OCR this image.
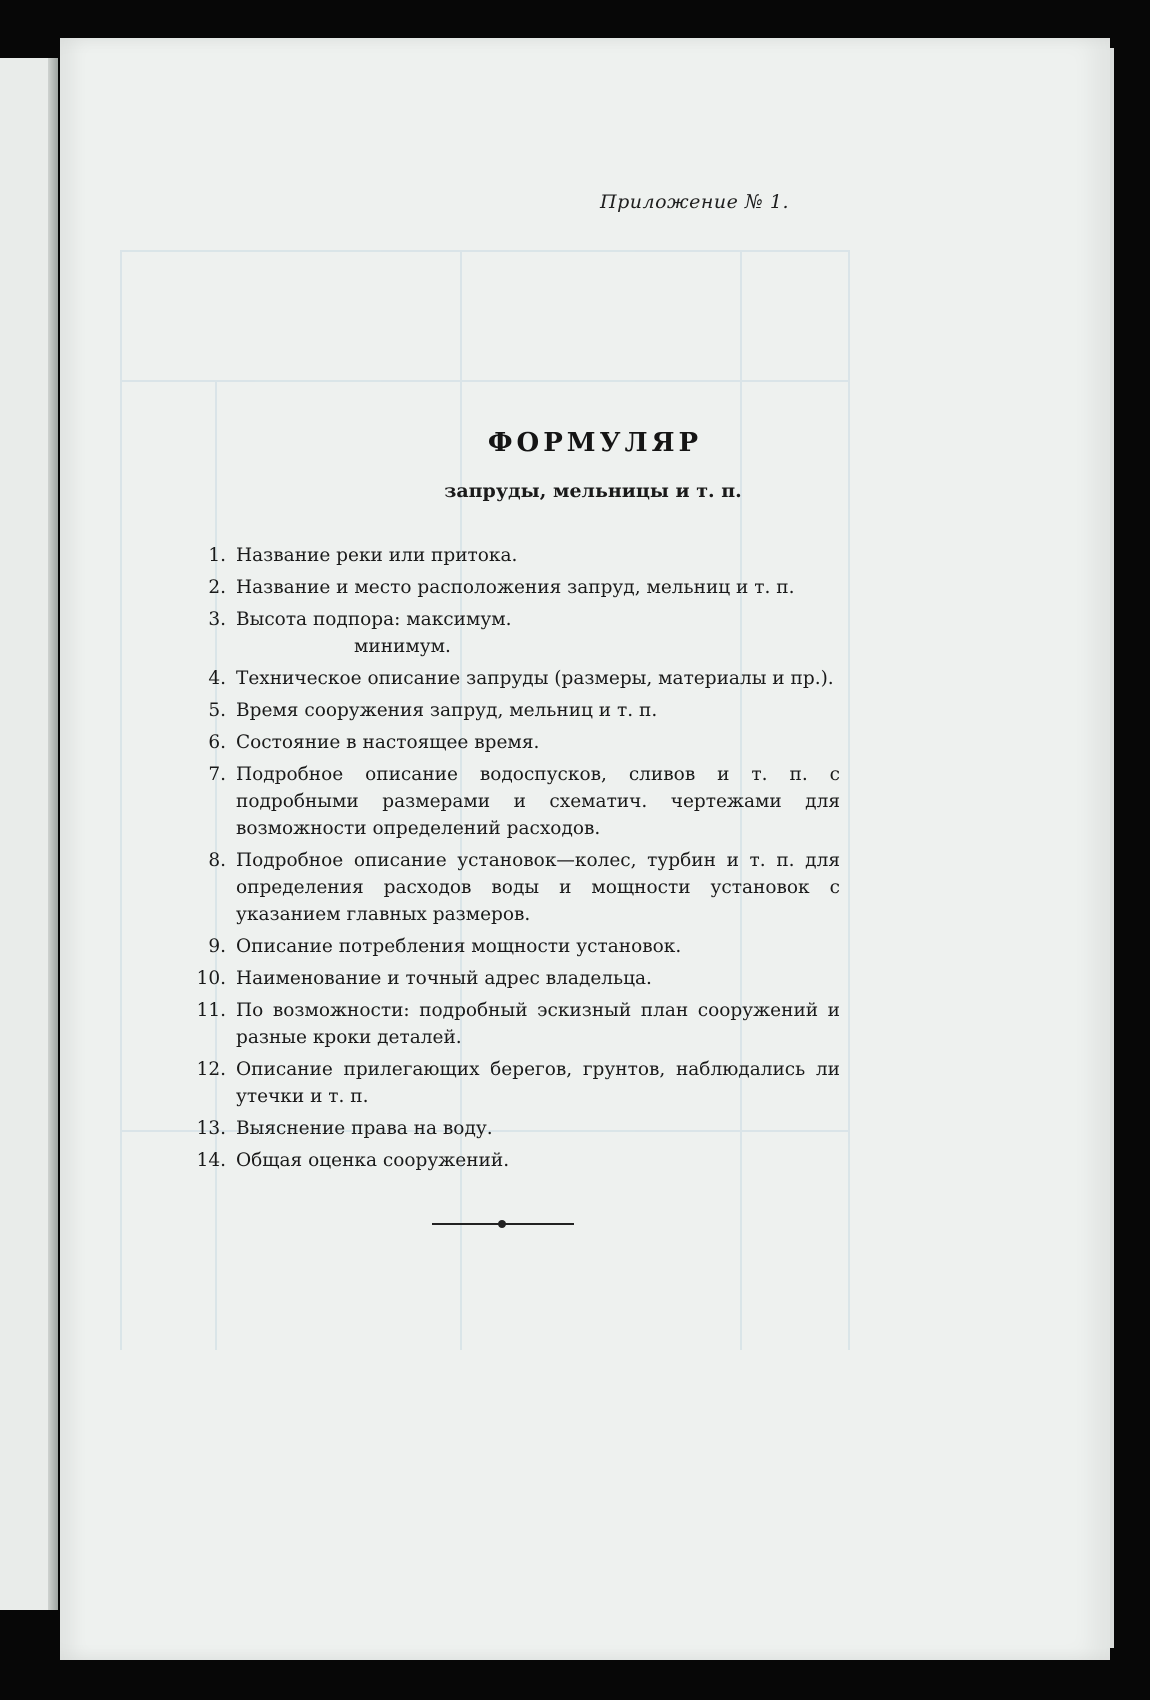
Приложение № 1.
ФОРМУЛЯР
запруды, мельницы и т. п.
1. Название реки или притока.
2. Название и место расположения запруд, мельниц и т. п.
3. Высота подпора: максимум.
минимум.
4. Техническое описание запруды (размеры, материалы и пр.).
5. Время сооружения запруд, мельниц и т. п.
6. Состояние в настоящее время.
7. Подробное описание водоспусков, сливов и т. п. с подробными размерами и схематич. чертежами для возможности определений расходов.
8. Подробное описание установок—колес, турбин и т. п. для определения расходов воды и мощности установок с указанием главных размеров.
9. Описание потребления мощности установок.
10. Наименование и точный адрес владельца.
11. По возможности: подробный эскизный план сооружений и разные кроки деталей.
12. Описание прилегающих берегов, грунтов, наблюдались ли утечки и т. п.
13. Выяснение права на воду.
14. Общая оценка сооружений.
